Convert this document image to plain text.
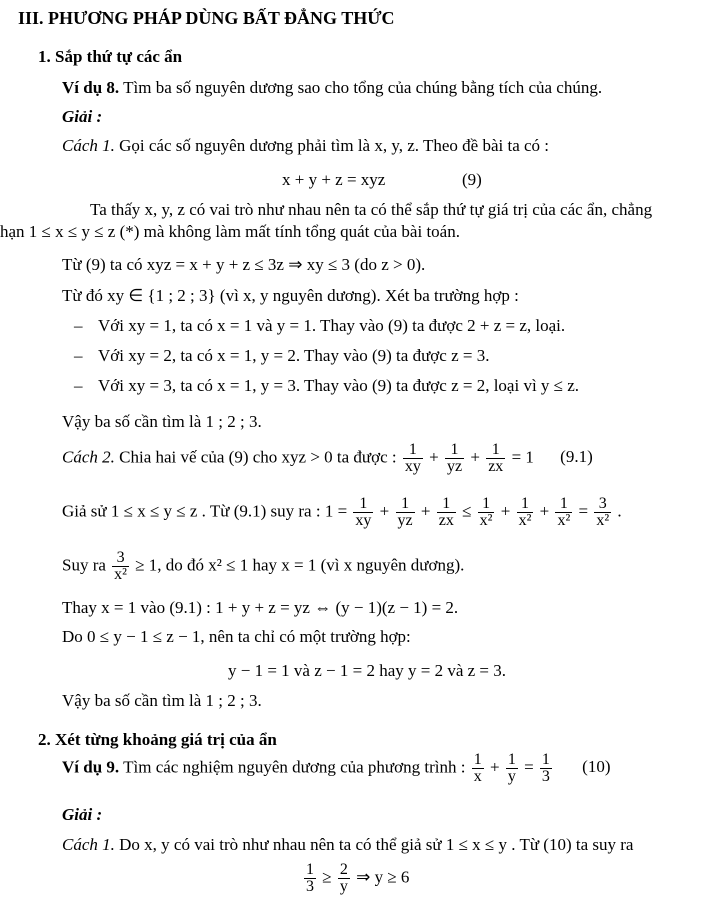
III. PHƯƠNG PHÁP DÙNG BẤT ĐẲNG THỨC
1. Sắp thứ tự các ẩn
Ví dụ 8. Tìm ba số nguyên dương sao cho tổng của chúng bằng tích của chúng.
Giải :
Cách 1. Gọi các số nguyên dương phải tìm là x, y, z. Theo đề bài ta có :
x + y + z = xyz	(9)
Ta thấy x, y, z có vai trò như nhau nên ta có thể sắp thứ tự giá trị của các ẩn, chẳng
hạn 1 ≤ x ≤ y ≤ z (*) mà không làm mất tính tổng quát của bài toán.
Từ (9) ta có xyz = x + y + z ≤ 3z ⇒ xy ≤ 3 (do z > 0).
Từ đó xy ∈ {1 ; 2 ; 3} (vì x, y nguyên dương). Xét ba trường hợp :
– Với xy = 1, ta có x = 1 và y = 1. Thay vào (9) ta được 2 + z = z, loại.
– Với xy = 2, ta có x = 1, y = 2. Thay vào (9) ta được z = 3.
– Với xy = 3, ta có x = 1, y = 3. Thay vào (9) ta được z = 2, loại vì y ≤ z.
Vậy ba số cần tìm là 1 ; 2 ; 3.
Cách 2. Chia hai vế của (9) cho xyz > 0 ta được : $\frac{1}{xy} + \frac{1}{yz} + \frac{1}{zx} = 1$ (9.1)
Giả sử 1 ≤ x ≤ y ≤ z . Từ (9.1) suy ra : $1 = \frac{1}{xy} + \frac{1}{yz} + \frac{1}{zx} \le \frac{1}{\text{x²}} + \frac{1}{\text{x²}} + \frac{1}{\text{x²}} = \frac{3}{\text{x²}}$ .
Suy ra $\frac{3}{\text{x²}} \ge 1$, do đó x² ≤ 1 hay x = 1 (vì x nguyên dương).
Thay x = 1 vào (9.1) : 1 + y + z = yz ⇔ (y − 1)(z − 1) = 2.
Do 0 ≤ y − 1 ≤ z − 1, nên ta chỉ có một trường hợp:
y − 1 = 1 và z − 1 = 2 hay y = 2 và z = 3.
Vậy ba số cần tìm là 1 ; 2 ; 3.
2. Xét từng khoảng giá trị của ẩn
Ví dụ 9. Tìm các nghiệm nguyên dương của phương trình : $\frac{1}{x} + \frac{1}{y} = \frac{1}{3} (10)$
Giải :
Cách 1. Do x, y có vai trò như nhau nên ta có thể giả sử 1 ≤ x ≤ y . Từ (10) ta suy ra
$\frac{1}{3} \ge \frac{2}{y}$ ⇒ y ≥ 6
